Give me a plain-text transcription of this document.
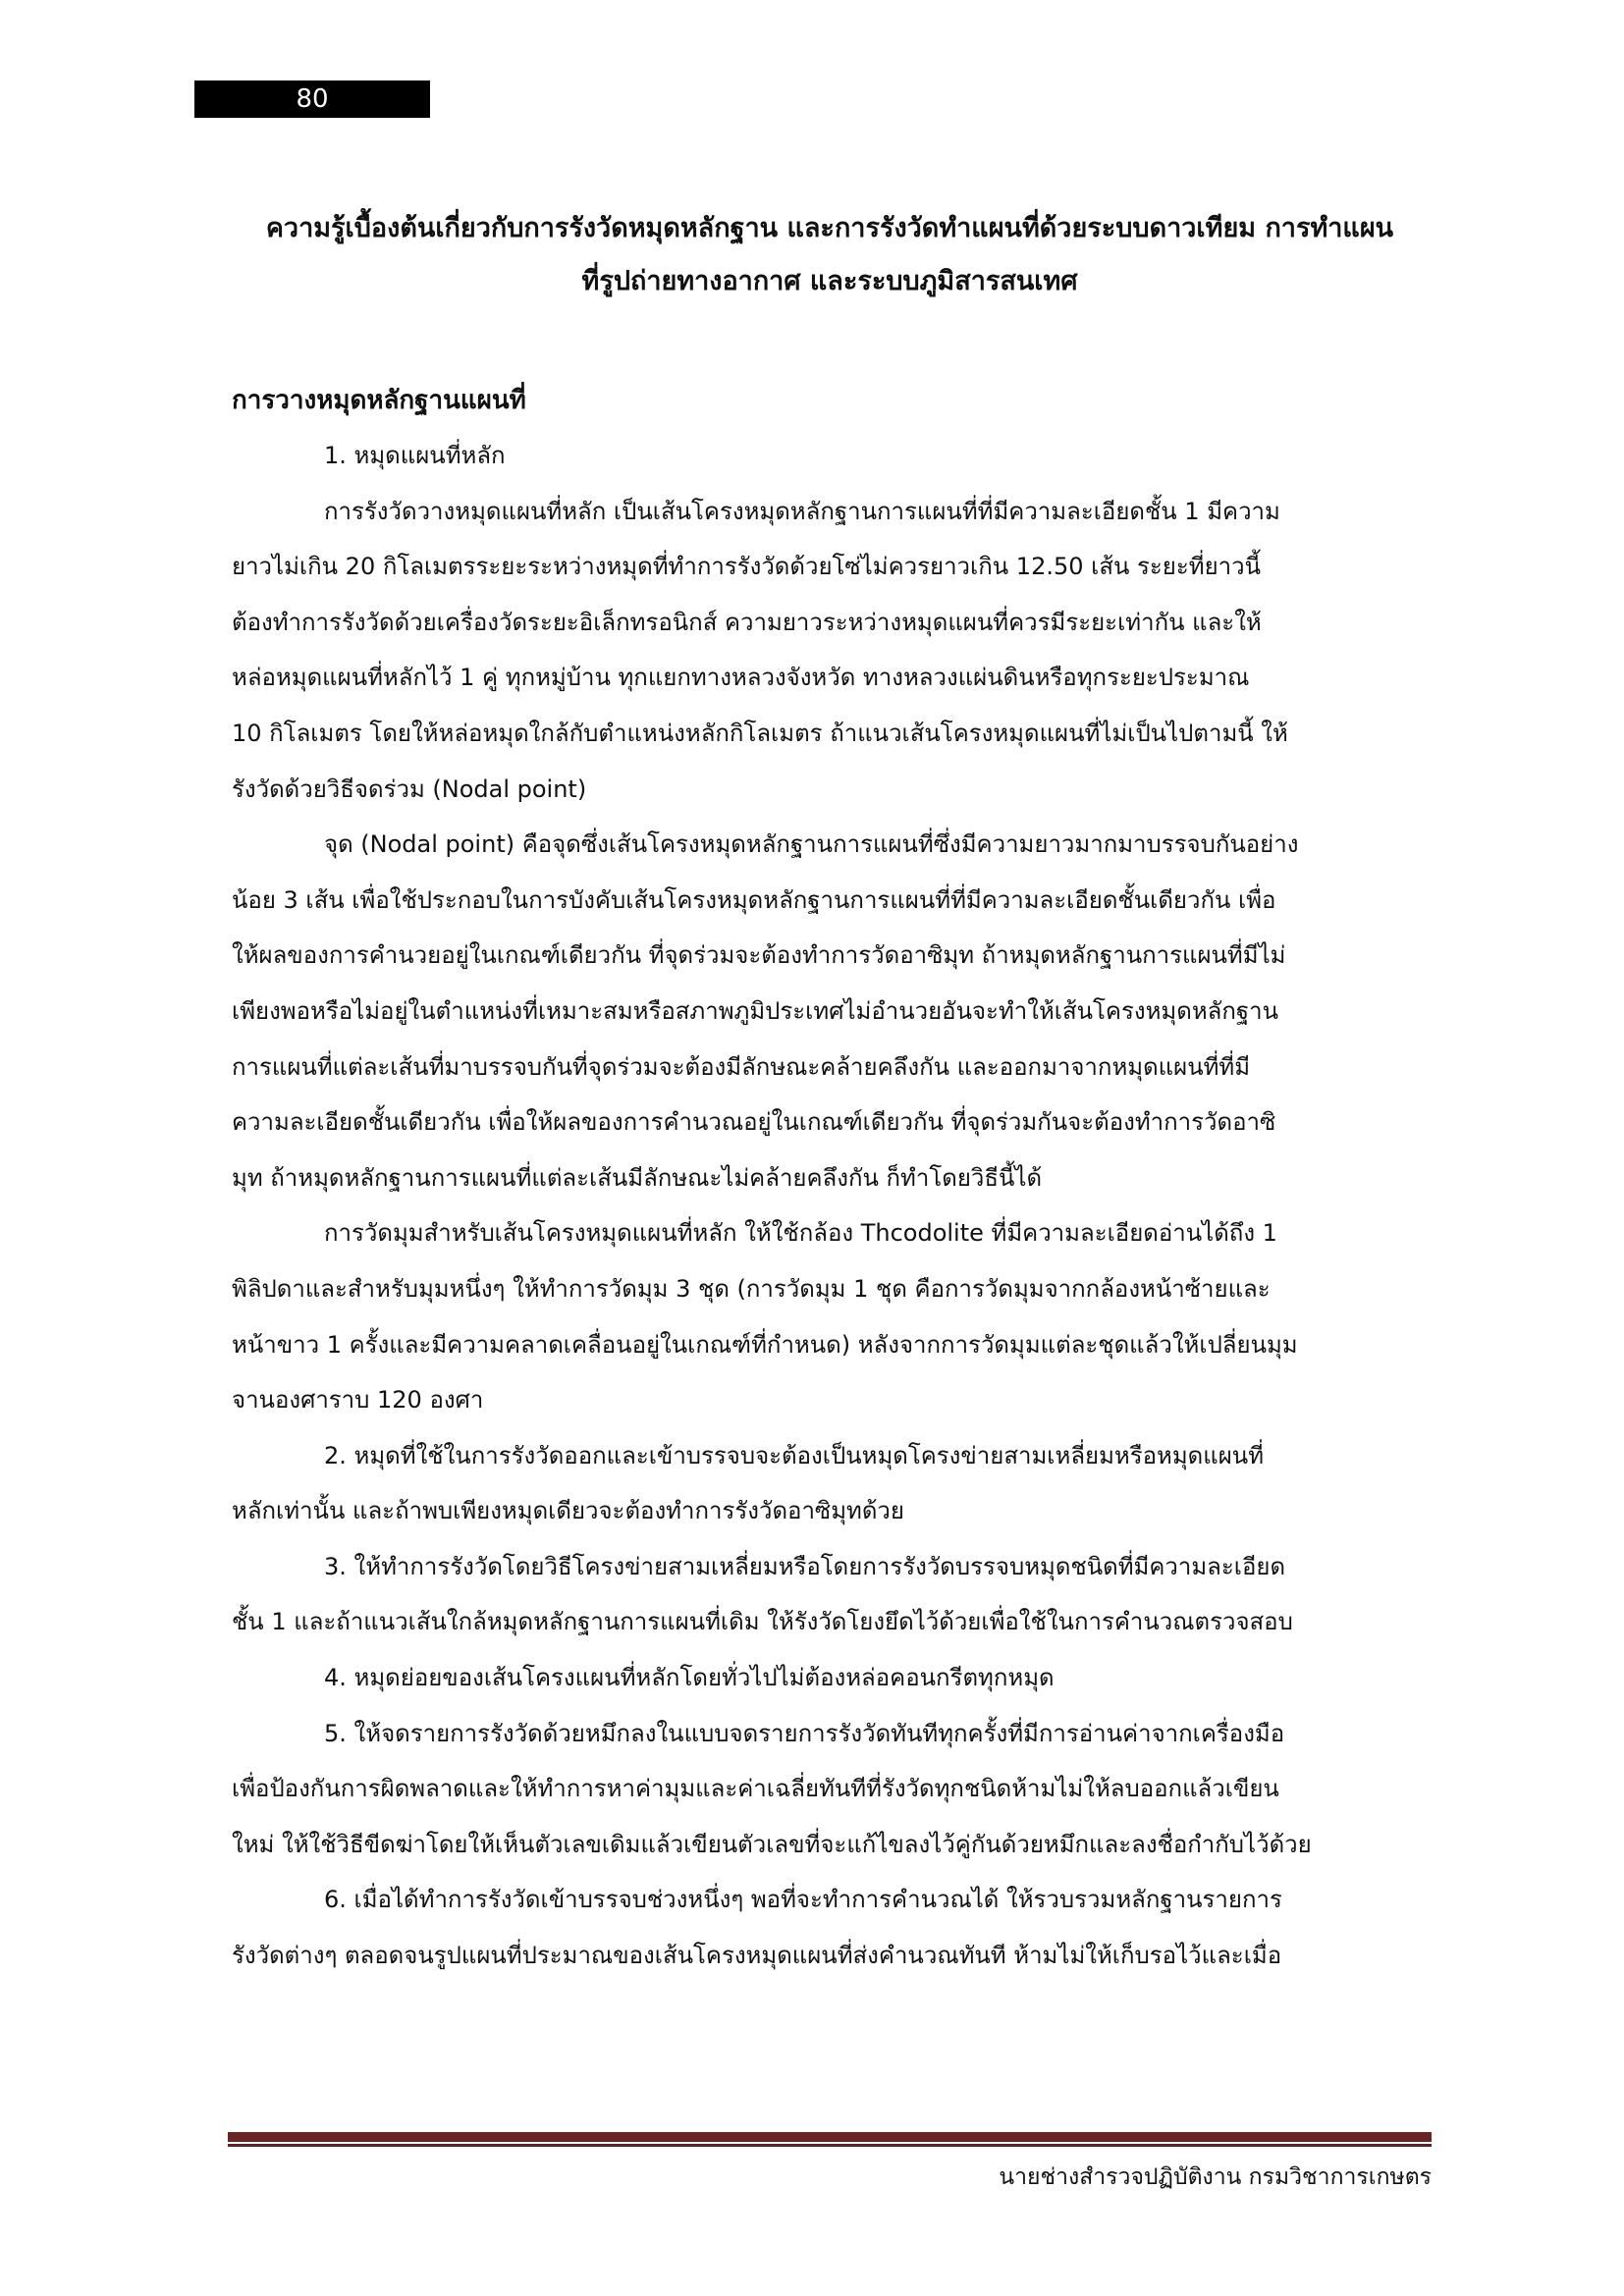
80
ความรู้เบื้องต้นเกี่ยวกับการรังวัดหมุดหลักฐาน และการรังวัดทำแผนที่ด้วยระบบดาวเทียม การทำแผน
ที่รูปถ่ายทางอากาศ และระบบภูมิสารสนเทศ
การวางหมุดหลักฐานแผนที่
1. หมุดแผนที่หลัก
การรังวัดวางหมุดแผนที่หลัก เป็นเส้นโครงหมุดหลักฐานการแผนที่ที่มีความละเอียดชั้น 1 มีความ
ยาวไม่เกิน 20 กิโลเมตรระยะระหว่างหมุดที่ทำการรังวัดด้วยโซ่ไม่ควรยาวเกิน 12.50 เส้น ระยะที่ยาวนี้
ต้องทำการรังวัดด้วยเครื่องวัดระยะอิเล็กทรอนิกส์ ความยาวระหว่างหมุดแผนที่ควรมีระยะเท่ากัน และให้
หล่อหมุดแผนที่หลักไว้ 1 คู่ ทุกหมู่บ้าน ทุกแยกทางหลวงจังหวัด ทางหลวงแผ่นดินหรือทุกระยะประมาณ
10 กิโลเมตร โดยให้หล่อหมุดใกล้กับตำแหน่งหลักกิโลเมตร ถ้าแนวเส้นโครงหมุดแผนที่ไม่เป็นไปตามนี้ ให้
รังวัดด้วยวิธีจดร่วม (Nodal point)
จุด (Nodal point) คือจุดซึ่งเส้นโครงหมุดหลักฐานการแผนที่ซึ่งมีความยาวมากมาบรรจบกันอย่าง
น้อย 3 เส้น เพื่อใช้ประกอบในการบังคับเส้นโครงหมุดหลักฐานการแผนที่ที่มีความละเอียดชั้นเดียวกัน เพื่อ
ให้ผลของการคำนวยอยู่ในเกณฑ์เดียวกัน ที่จุดร่วมจะต้องทำการวัดอาซิมุท ถ้าหมุดหลักฐานการแผนที่มีไม่
เพียงพอหรือไม่อยู่ในตำแหน่งที่เหมาะสมหรือสภาพภูมิประเทศไม่อำนวยอันจะทำให้เส้นโครงหมุดหลักฐาน
การแผนที่แต่ละเส้นที่มาบรรจบกันที่จุดร่วมจะต้องมีลักษณะคล้ายคลึงกัน และออกมาจากหมุดแผนที่ที่มี
ความละเอียดชั้นเดียวกัน เพื่อให้ผลของการคำนวณอยู่ในเกณฑ์เดียวกัน ที่จุดร่วมกันจะต้องทำการวัดอาซิ
มุท ถ้าหมุดหลักฐานการแผนที่แต่ละเส้นมีลักษณะไม่คล้ายคลึงกัน ก็ทำโดยวิธีนี้ได้
การวัดมุมสำหรับเส้นโครงหมุดแผนที่หลัก ให้ใช้กล้อง Thcodolite ที่มีความละเอียดอ่านได้ถึง 1
พิลิปดาและสำหรับมุมหนึ่งๆ ให้ทำการวัดมุม 3 ชุด (การวัดมุม 1 ชุด คือการวัดมุมจากกล้องหน้าซ้ายและ
หน้าขาว 1 ครั้งและมีความคลาดเคลื่อนอยู่ในเกณฑ์ที่กำหนด) หลังจากการวัดมุมแต่ละชุดแล้วให้เปลี่ยนมุม
จานองศาราบ 120 องศา
2. หมุดที่ใช้ในการรังวัดออกและเข้าบรรจบจะต้องเป็นหมุดโครงข่ายสามเหลี่ยมหรือหมุดแผนที่
หลักเท่านั้น และถ้าพบเพียงหมุดเดียวจะต้องทำการรังวัดอาซิมุทด้วย
3. ให้ทำการรังวัดโดยวิธีโครงข่ายสามเหลี่ยมหรือโดยการรังวัดบรรจบหมุดชนิดที่มีความละเอียด
ชั้น 1 และถ้าแนวเส้นใกล้หมุดหลักฐานการแผนที่เดิม ให้รังวัดโยงยึดไว้ด้วยเพื่อใช้ในการคำนวณตรวจสอบ
4. หมุดย่อยของเส้นโครงแผนที่หลักโดยทั่วไปไม่ต้องหล่อคอนกรีตทุกหมุด
5. ให้จดรายการรังวัดด้วยหมึกลงในแบบจดรายการรังวัดทันทีทุกครั้งที่มีการอ่านค่าจากเครื่องมือ
เพื่อป้องกันการผิดพลาดและให้ทำการหาค่ามุมและค่าเฉลี่ยทันทีที่รังวัดทุกชนิดห้ามไม่ให้ลบออกแล้วเขียน
ใหม่ ให้ใช้วิธีขีดฆ่าโดยให้เห็นตัวเลขเดิมแล้วเขียนตัวเลขที่จะแก้ไขลงไว้คู่กันด้วยหมึกและลงชื่อกำกับไว้ด้วย
6. เมื่อได้ทำการรังวัดเข้าบรรจบช่วงหนึ่งๆ พอที่จะทำการคำนวณได้ ให้รวบรวมหลักฐานรายการ
รังวัดต่างๆ ตลอดจนรูปแผนที่ประมาณของเส้นโครงหมุดแผนที่ส่งคำนวณทันที ห้ามไม่ให้เก็บรอไว้และเมื่อ
นายช่างสำรวจปฏิบัติงาน กรมวิชาการเกษตร
